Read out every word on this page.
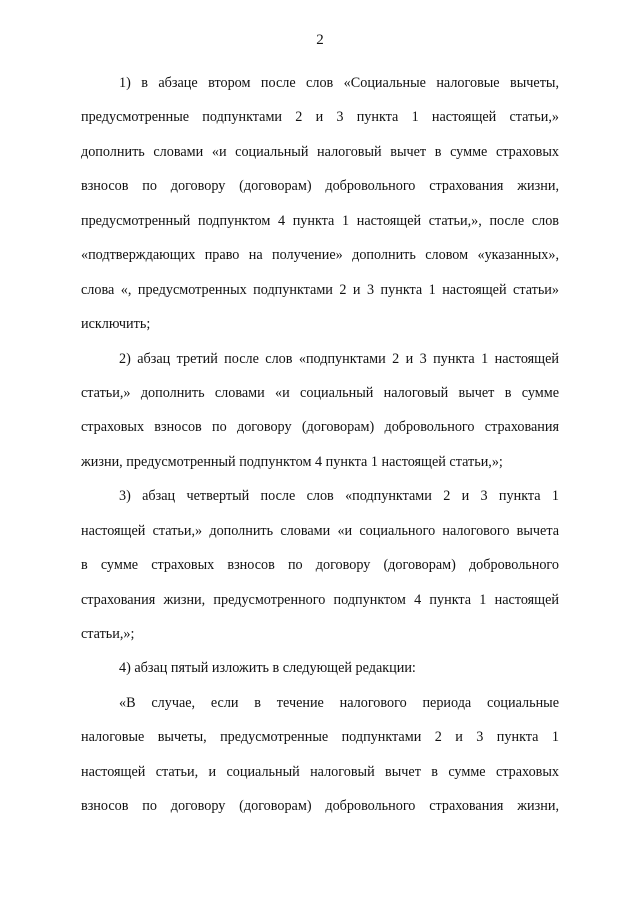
2
1) в абзаце втором после слов «Социальные налоговые вычеты,
предусмотренные подпунктами 2 и 3 пункта 1 настоящей статьи,»
дополнить словами «и социальный налоговый вычет в сумме страховых
взносов по договору (договорам) добровольного страхования жизни,
предусмотренный подпунктом 4 пункта 1 настоящей статьи,», после слов
«подтверждающих право на получение» дополнить словом «указанных»,
слова «, предусмотренных подпунктами 2 и 3 пункта 1 настоящей статьи»
исключить;
2) абзац третий после слов «подпунктами 2 и 3 пункта 1 настоящей
статьи,» дополнить словами «и социальный налоговый вычет в сумме
страховых взносов по договору (договорам) добровольного страхования
жизни, предусмотренный подпунктом 4 пункта 1 настоящей статьи,»;
3) абзац четвертый после слов «подпунктами 2 и 3 пункта 1
настоящей статьи,» дополнить словами «и социального налогового вычета
в сумме страховых взносов по договору (договорам) добровольного
страхования жизни, предусмотренного подпунктом 4 пункта 1 настоящей
статьи,»;
4) абзац пятый изложить в следующей редакции:
«В случае, если в течение налогового периода социальные
налоговые вычеты, предусмотренные подпунктами 2 и 3 пункта 1
настоящей статьи, и социальный налоговый вычет в сумме страховых
взносов по договору (договорам) добровольного страхования жизни,
